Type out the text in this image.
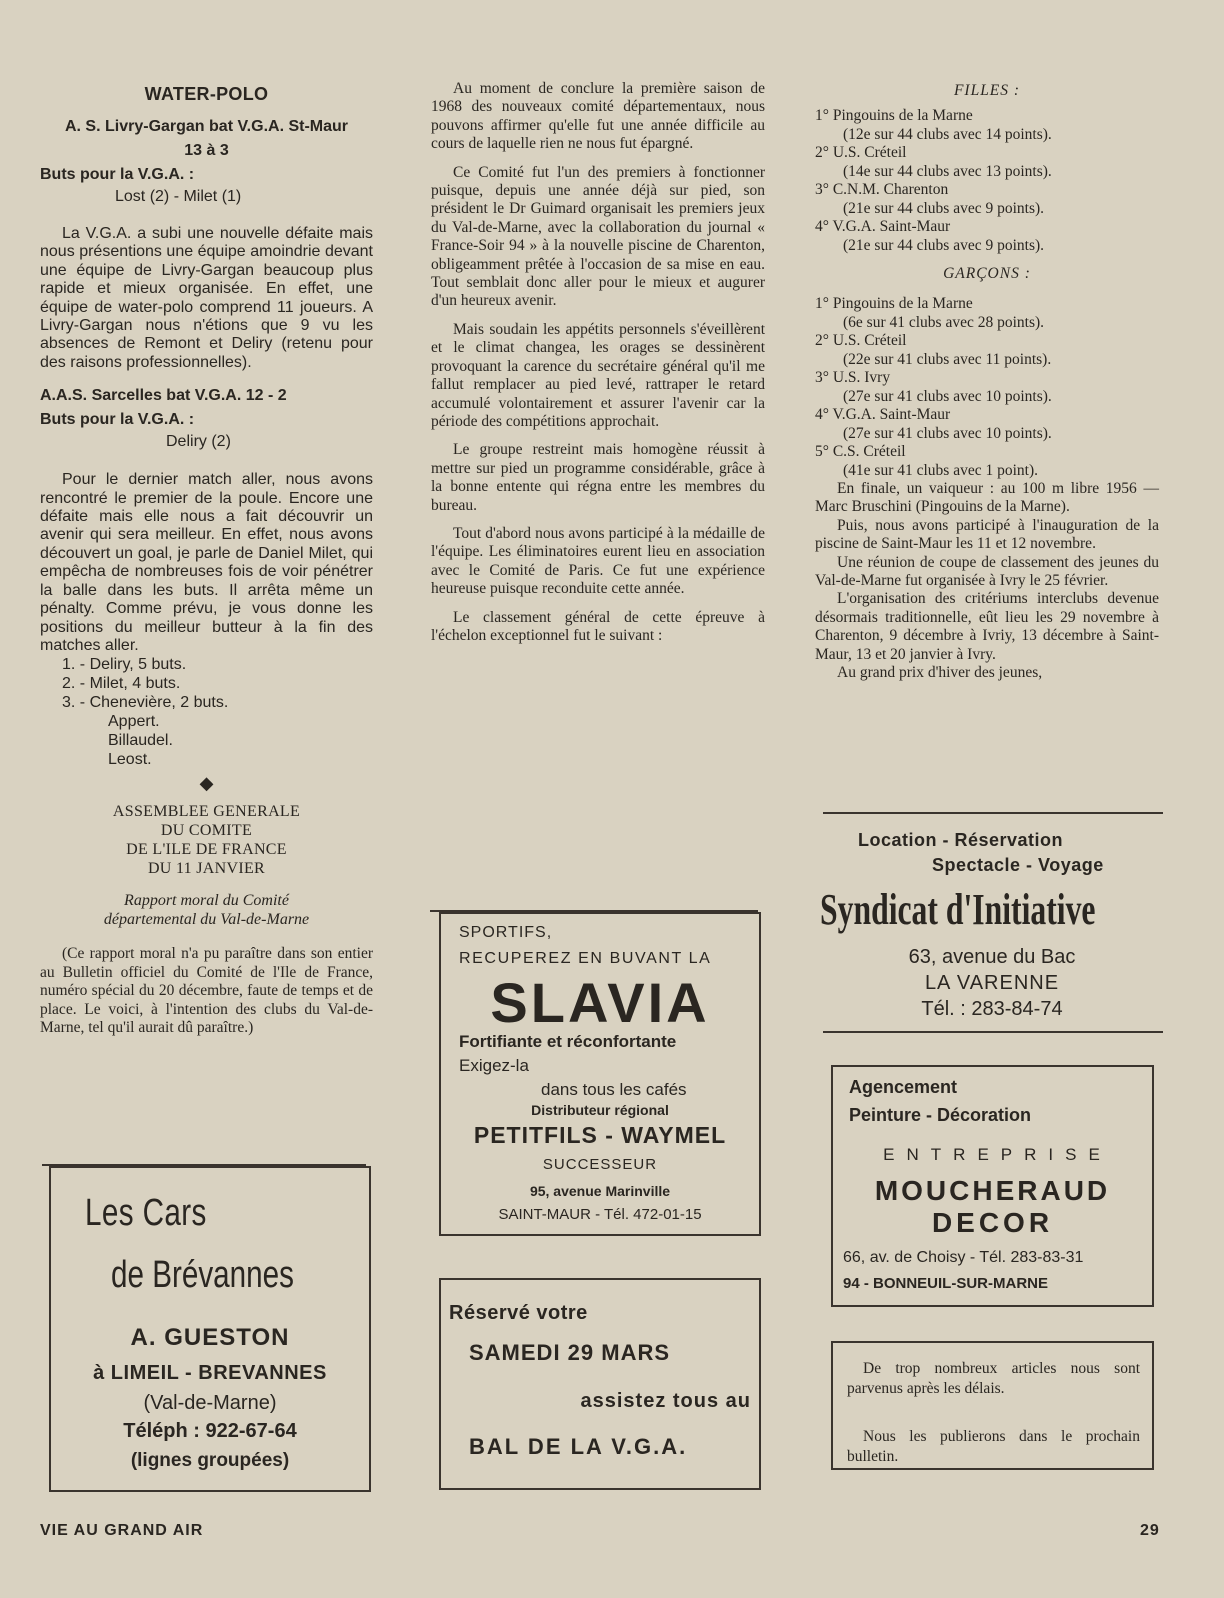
WATER-POLO
A. S. Livry-Gargan bat V.G.A. St-Maur
13 à 3
Buts pour la V.G.A. :
Lost (2) - Milet (1)

La V.G.A. a subi une nouvelle défaite mais nous présentions une équipe amoindrie devant une équipe de Livry-Gargan beaucoup plus rapide et mieux organisée. En effet, une équipe de water-polo comprend 11 joueurs. A Livry-Gargan nous n'étions que 9 vu les absences de Remont et Deliry (retenu pour des raisons professionnelles).

A.A.S. Sarcelles bat V.G.A. 12 - 2
Buts pour la V.G.A. :
Deliry (2)

Pour le dernier match aller, nous avons rencontré le premier de la poule. Encore une défaite mais elle nous a fait découvrir un avenir qui sera meilleur. En effet, nous avons découvert un goal, je parle de Daniel Milet, qui empêcha de nombreuses fois de voir pénétrer la balle dans les buts. Il arrêta même un pénalty. Comme prévu, je vous donne les positions du meilleur butteur à la fin des matches aller.

1. - Deliry, 5 buts.
2. - Milet, 4 buts.
3. - Chenevière, 2 buts.
Appert.
Billaudel.
Leost.
◆
ASSEMBLEE GENERALE
DU COMITE
DE L'ILE DE FRANCE
DU 11 JANVIER
Rapport moral du Comité
départemental du Val-de-Marne

(Ce rapport moral n'a pu paraître dans son entier au Bulletin officiel du Comité de l'Ile de France, numéro spécial du 20 décembre, faute de temps et de place. Le voici, à l'intention des clubs du Val-de-Marne, tel qu'il aurait dû paraître.)

Les Cars
de Brévannes
A. GUESTON
à LIMEIL - BREVANNES
(Val-de-Marne)
Téléph : 922-67-64
(lignes groupées)

Au moment de conclure la première saison de 1968 des nouveaux comité départementaux, nous pouvons affirmer qu'elle fut une année difficile au cours de laquelle rien ne nous fut épargné.

Ce Comité fut l'un des premiers à fonctionner puisque, depuis une année déjà sur pied, son président le Dr Guimard organisait les premiers jeux du Val-de-Marne, avec la collaboration du journal « France-Soir 94 » à la nouvelle piscine de Charenton, obligeamment prêtée à l'occasion de sa mise en eau. Tout semblait donc aller pour le mieux et augurer d'un heureux avenir.

Mais soudain les appétits personnels s'éveillèrent et le climat changea, les orages se dessinèrent provoquant la carence du secrétaire général qu'il me fallut remplacer au pied levé, rattraper le retard accumulé volontairement et assurer l'avenir car la période des compétitions approchait.

Le groupe restreint mais homogène réussit à mettre sur pied un programme considérable, grâce à la bonne entente qui régna entre les membres du bureau.

Tout d'abord nous avons participé à la médaille de l'équipe. Les éliminatoires eurent lieu en association avec le Comité de Paris. Ce fut une expérience heureuse puisque reconduite cette année.

Le classement général de cette épreuve à l'échelon exceptionnel fut le suivant :

SPORTIFS,
RECUPEREZ EN BUVANT LA
SLAVIA
Fortifiante et réconfortante
Exigez-la
dans tous les cafés
Distributeur régional
PETITFILS - WAYMEL
SUCCESSEUR
95, avenue Marinville
SAINT-MAUR - Tél. 472-01-15
Réservé votre
SAMEDI 29 MARS
assistez tous au
BAL DE LA V.G.A.
FILLES :
1° Pingouins de la Marne
(12e sur 44 clubs avec 14 points).
2° U.S. Créteil
(14e sur 44 clubs avec 13 points).
3° C.N.M. Charenton
(21e sur 44 clubs avec 9 points).
4° V.G.A. Saint-Maur
(21e sur 44 clubs avec 9 points).
GARÇONS :
1° Pingouins de la Marne
(6e sur 41 clubs avec 28 points).
2° U.S. Créteil
(22e sur 41 clubs avec 11 points).
3° U.S. Ivry
(27e sur 41 clubs avec 10 points).
4° V.G.A. Saint-Maur
(27e sur 41 clubs avec 10 points).
5° C.S. Créteil
(41e sur 41 clubs avec 1 point).

En finale, un vaiqueur : au 100 m libre 1956 — Marc Bruschini (Pingouins de la Marne).

Puis, nous avons participé à l'inauguration de la piscine de Saint-Maur les 11 et 12 novembre.

Une réunion de coupe de classement des jeunes du Val-de-Marne fut organisée à Ivry le 25 février.

L'organisation des critériums interclubs devenue désormais traditionnelle, eût lieu les 29 novembre à Charenton, 9 décembre à Ivriy, 13 décembre à Saint-Maur, 13 et 20 janvier à Ivry.

Au grand prix d'hiver des jeunes,

Location - Réservation
Spectacle - Voyage
Syndicat d'Initiative
63, avenue du Bac
LA VARENNE
Tél. : 283-84-74
Agencement
Peinture - Décoration
ENTREPRISE
MOUCHERAUD
DECOR
66, av. de Choisy - Tél. 283-83-31
94 - BONNEUIL-SUR-MARNE

De trop nombreux articles nous sont parvenus après les délais.

Nous les publierons dans le prochain bulletin.

VIE AU GRAND AIR	29
